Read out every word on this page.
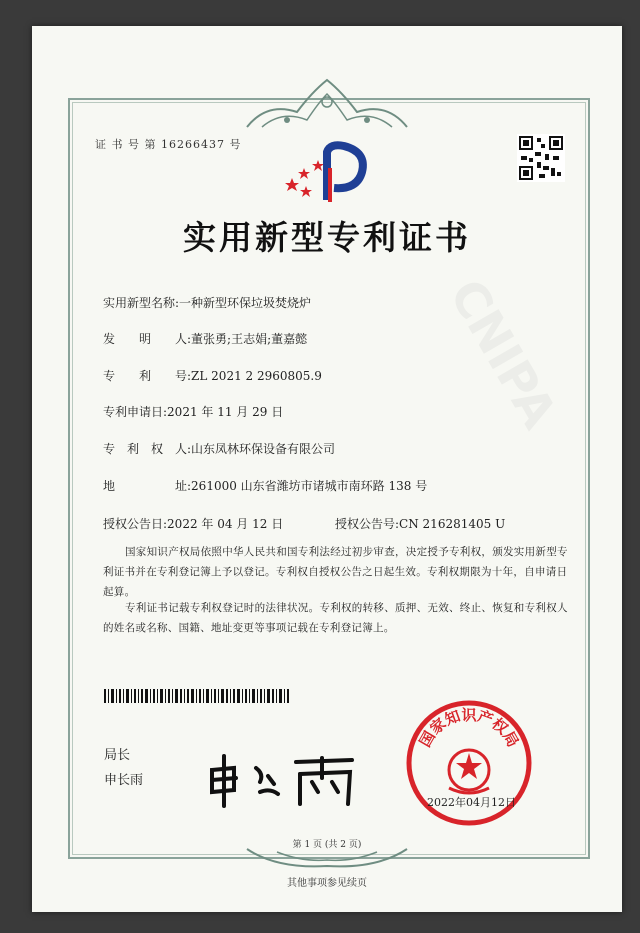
CNIPA
证 书 号 第 16266437 号
实用新型专利证书
实用新型名称:一种新型环保垃圾焚烧炉
发　　明　　人:董张勇;王志娟;董嘉懿
专　　利　　号:ZL 2021 2 2960805.9
专利申请日:2021 年 11 月 29 日
专　利　权　人:山东凤林环保设备有限公司
地　　　　　址:261000 山东省潍坊市诸城市南环路 138 号
授权公告日:2022 年 04 月 12 日	授权公告号:CN 216281405 U
国家知识产权局依照中华人民共和国专利法经过初步审查，决定授予专利权，颁发实用新型专利证书并在专利登记簿上予以登记。专利权自授权公告之日起生效。专利权期限为十年，自申请日起算。
专利证书记载专利权登记时的法律状况。专利权的转移、质押、无效、终止、恢复和专利权人的姓名或名称、国籍、地址变更等事项记载在专利登记簿上。
局长
申长雨
国家知识产权局
2022年04月12日
第 1 页 (共 2 页)
其他事项参见续页
